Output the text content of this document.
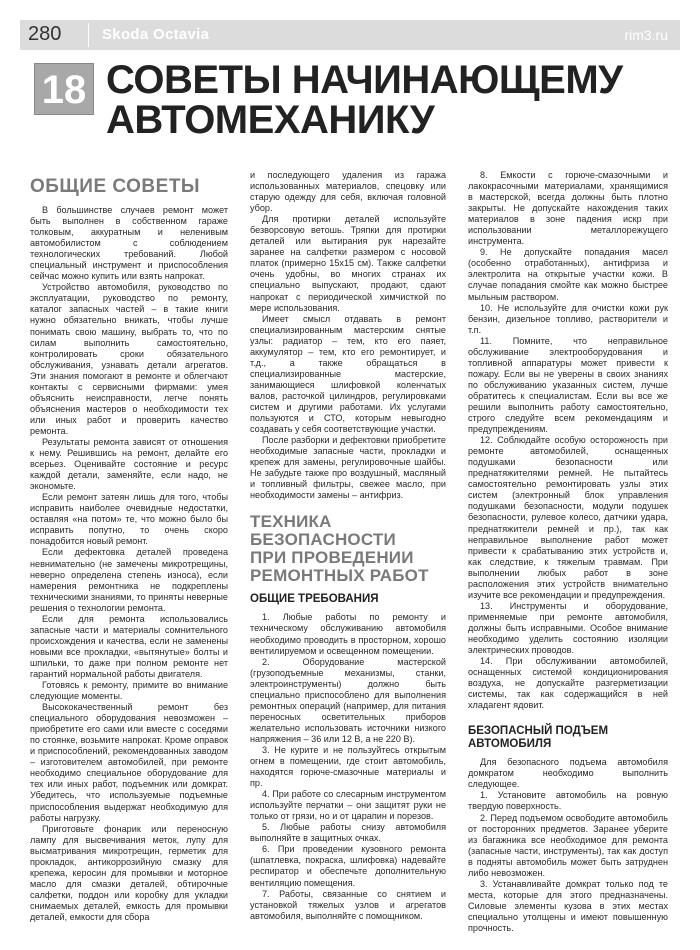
280	Skoda Octavia	rim3.ru
18 СОВЕТЫ НАЧИНАЮЩЕМУ
АВТОМЕХАНИКУ
ОБЩИЕ СОВЕТЫ

В большинстве случаев ремонт может быть выполнен в собственном гараже толковым, аккуратным и неленивым автомобилистом с соблюдением технологических требований. Любой специальный инструмент и приспособления сейчас можно купить или взять напрокат.

Устройство автомобиля, руководство по эксплуатации, руководство по ремонту, каталог запасных частей – в такие книги нужно обязательно вникать, чтобы лучше понимать свою машину, выбрать то, что по силам выполнить самостоятельно, контролировать сроки обязательного обслуживания, узнавать детали агрегатов. Эти знания помогают в ремонте и облегчают контакты с сервисными фирмами: умея объяснить неисправности, легче понять объяснения мастеров о необходимости тех или иных работ и проверить качество ремонта.

Результаты ремонта зависят от отношения к нему. Решившись на ремонт, делайте его всерьез. Оценивайте состояние и ресурс каждой детали, заменяйте, если надо, не экономьте.

Если ремонт затеян лишь для того, чтобы исправить наиболее очевидные недостатки, оставляя «на потом» те, что можно было бы исправить попутно, то очень скоро понадобится новый ремонт.

Если дефектовка деталей проведена невнимательно (не замечены микротрещины, неверно определена степень износа), если намерения ремонтника не подкреплены техническими знаниями, то приняты неверные решения о технологии ремонта.

Если для ремонта использовались запасные части и материалы сомнительного происхождения и качества, если не заменены новыми все прокладки, «вытянутые» болты и шпильки, то даже при полном ремонте нет гарантий нормальной работы двигателя.

Готовясь к ремонту, примите во внимание следующие моменты.

Высококачественный ремонт без специального оборудования невозможен – приобретите его сами или вместе с соседями по стоянке, возьмите напрокат. Кроме оправок и приспособлений, рекомендованных заводом – изготовителем автомобилей, при ремонте необходимо специальное оборудование для тех или иных работ, подъемник или домкрат. Убедитесь, что используемые подъемные приспособления выдержат необходимую для работы нагрузку.

Приготовьте фонарик или переносную лампу для высвечивания меток, лупу для высматривания микротрещин, герметик для прокладок, антикоррозийную смазку для крепежа, керосин для промывки и моторное масло для смазки деталей, обтирочные салфетки, поддон или коробку для укладки снимаемых деталей, емкость для промывки деталей, емкости для сбора

и последующего удаления из гаража использованных материалов, спецовку или старую одежду для себя, включая головной убор.

Для протирки деталей используйте безворсовую ветошь. Тряпки для протирки деталей или вытирания рук нарезайте заранее на салфетки размером с носовой платок (примерно 15х15 см). Также салфетки очень удобны, во многих странах их специально выпускают, продают, сдают напрокат с периодической химчисткой по мере использования.

Имеет смысл отдавать в ремонт специализированным мастерским снятые узлы: радиатор – тем, кто его паяет, аккумулятор – тем, кто его ремонтирует, и т.д., а также обращаться в специализированные мастерские, занимающиеся шлифовкой коленчатых валов, расточкой цилиндров, регулировками систем и другими работами. Их услугами пользуются и СТО, которым невыгодно создавать у себя соответствующие участки.

После разборки и дефектовки приобретите необходимые запасные части, прокладки и крепеж для замены, регулировочные шайбы. Не забудьте также про воздушный, масляный и топливный фильтры, свежее масло, при необходимости замены – антифриз.

ТЕХНИКА
БЕЗОПАСНОСТИ
ПРИ ПРОВЕДЕНИИ
РЕМОНТНЫХ РАБОТ
ОБЩИЕ ТРЕБОВАНИЯ

1. Любые работы по ремонту и техническому обслуживанию автомобиля необходимо проводить в просторном, хорошо вентилируемом и освещенном помещении.

2. Оборудование мастерской (грузоподъемные механизмы, станки, электроинструменты) должно быть специально приспособлено для выполнения ремонтных операций (например, для питания переносных осветительных приборов желательно использовать источники низкого напряжения – 36 или 12 В, а не 220 В).

3. Не курите и не пользуйтесь открытым огнем в помещении, где стоит автомобиль, находятся горюче-смазочные материалы и пр.

4. При работе со слесарным инструментом используйте перчатки – они защитят руки не только от грязи, но и от царапин и порезов.

5. Любые работы снизу автомобиля выполняйте в защитных очках.

6. При проведении кузовного ремонта (шпатлевка, покраска, шлифовка) надевайте респиратор и обеспечьте дополнительную вентиляцию помещения.

7. Работы, связанные со снятием и установкой тяжелых узлов и агрегатов автомобиля, выполняйте с помощником.

8. Емкости с горюче-смазочными и лакокрасочными материалами, хранящимися в мастерской, всегда должны быть плотно закрыты. Не допускайте нахождения таких материалов в зоне падения искр при использовании металлорежущего инструмента.

9. Не допускайте попадания масел (особенно отработанных), антифриза и электролита на открытые участки кожи. В случае попадания смойте как можно быстрее мыльным раствором.

10. Не используйте для очистки кожи рук бензин, дизельное топливо, растворители и т.п.

11. Помните, что неправильное обслуживание электрооборудования и топливной аппаратуры может привести к пожару. Если вы не уверены в своих знаниях по обслуживанию указанных систем, лучше обратитесь к специалистам. Если вы все же решили выполнить работу самостоятельно, строго следуйте всем рекомендациям и предупреждениям.

12. Соблюдайте особую осторожность при ремонте автомобилей, оснащенных подушками безопасности или преднатяжителями ремней. Не пытайтесь самостоятельно ремонтировать узлы этих систем (электронный блок управления подушками безопасности, модули подушек безопасности, рулевое колесо, датчики удара, преднатяжители ремней и пр.), так как неправильное выполнение работ может привести к срабатыванию этих устройств и, как следствие, к тяжелым травмам. При выполнении любых работ в зоне расположения этих устройств внимательно изучите все рекомендации и предупреждения.

13. Инструменты и оборудование, применяемые при ремонте автомобиля, должны быть исправными. Особое внимание необходимо уделить состоянию изоляции электрических проводов.

14. При обслуживании автомобилей, оснащенных системой кондиционирования воздуха, не допускайте разгерметизации системы, так как содержащийся в ней хладагент ядовит.

БЕЗОПАСНЫЙ ПОДЪЕМ
АВТОМОБИЛЯ

Для безопасного подъема автомобиля домкратом необходимо выполнить следующее.

1. Установите автомобиль на ровную твердую поверхность.

2. Перед подъемом освободите автомобиль от посторонних предметов. Заранее уберите из багажника все необходимое для ремонта (запасные части, инструменты), так как доступ в подняты автомобиль может быть затруднен либо невозможен.

3. Устанавливайте домкрат только под те места, которые для этого предназначены. Силовые элементы кузова в этих местах специально утолщены и имеют повышенную прочность.
